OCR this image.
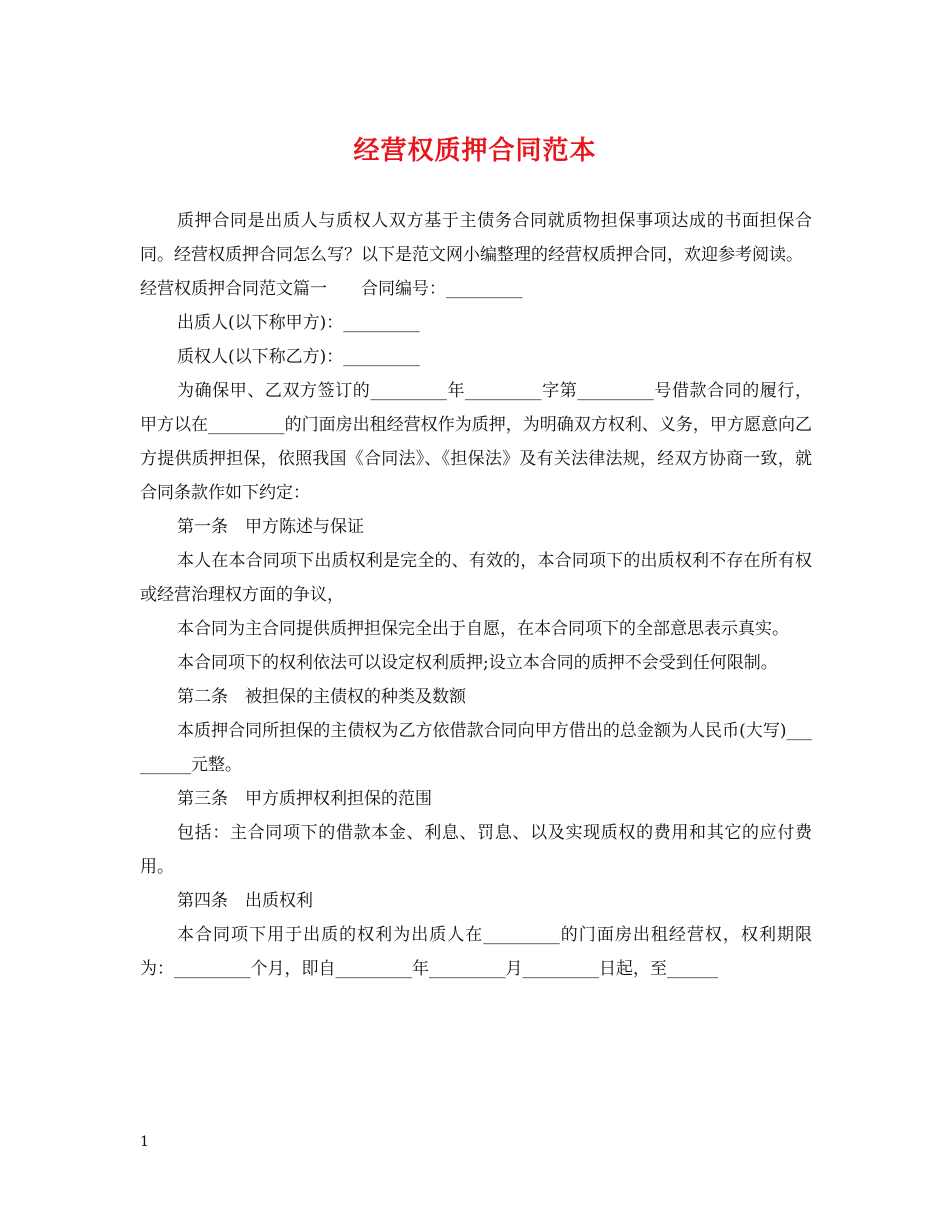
经营权质押合同范本

质押合同是出质人与质权人双方基于主债务合同就质物担保事项达成的书面担保合同。经营权质押合同怎么写？以下是范文网小编整理的经营权质押合同，欢迎参考阅读。

经营权质押合同范文篇一　　合同编号：_________

出质人(以下称甲方)：_________

质权人(以下称乙方)：_________

为确保甲、乙双方签订的_________年_________字第_________号借款合同的履行，甲方以在_________的门面房出租经营权作为质押，为明确双方权利、义务，甲方愿意向乙方提供质押担保，依照我国《合同法》、《担保法》及有关法律法规，经双方协商一致，就合同条款作如下约定：

第一条　甲方陈述与保证

本人在本合同项下出质权利是完全的、有效的，本合同项下的出质权利不存在所有权或经营治理权方面的争议，

本合同为主合同提供质押担保完全出于自愿，在本合同项下的全部意思表示真实。

本合同项下的权利依法可以设定权利质押;设立本合同的质押不会受到任何限制。

第二条　被担保的主债权的种类及数额

本质押合同所担保的主债权为乙方依借款合同向甲方借出的总金额为人民币(大写)_________元整。

第三条　甲方质押权利担保的范围

包括：主合同项下的借款本金、利息、罚息、以及实现质权的费用和其它的应付费用。

第四条　出质权利

本合同项下用于出质的权利为出质人在_________的门面房出租经营权，权利期限为：_________个月，即自_________年_________月_________日起，至______

1
